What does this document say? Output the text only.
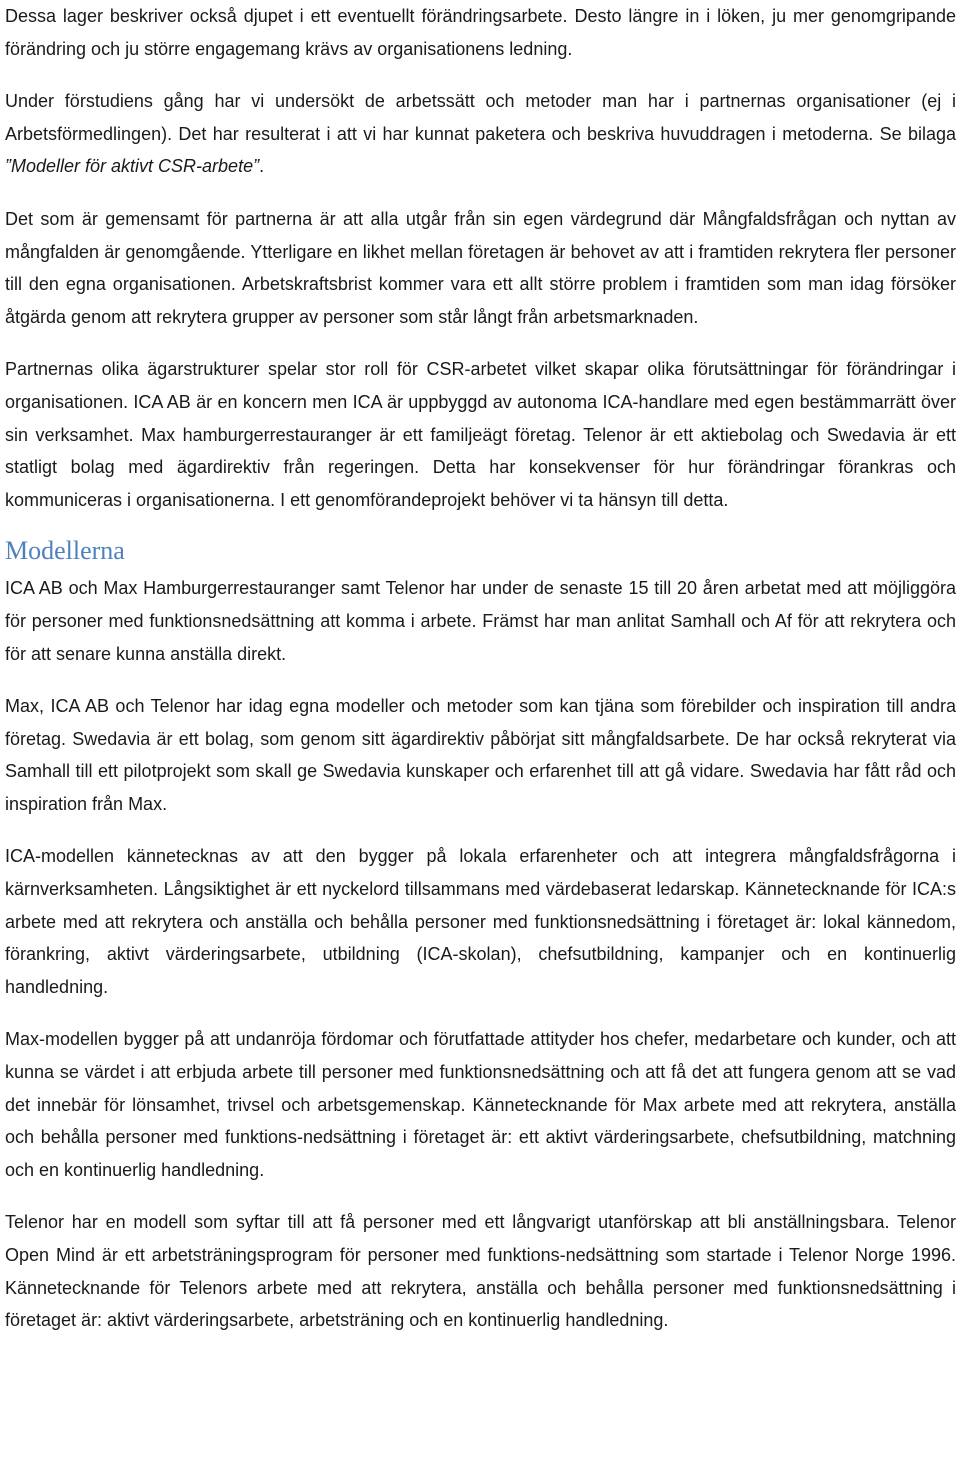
Dessa lager beskriver också djupet i ett eventuellt förändringsarbete. Desto längre in i löken, ju mer genomgripande förändring och ju större engagemang krävs av organisationens ledning.

Under förstudiens gång har vi undersökt de arbetssätt och metoder man har i partnernas organisationer (ej i Arbetsförmedlingen). Det har resulterat i att vi har kunnat paketera och beskriva huvuddragen i metoderna. Se bilaga ”Modeller för aktivt CSR-arbete”.

Det som är gemensamt för partnerna är att alla utgår från sin egen värdegrund där Mångfaldsfrågan och nyttan av mångfalden är genomgående. Ytterligare en likhet mellan företagen är behovet av att i framtiden rekrytera fler personer till den egna organisationen. Arbetskraftsbrist kommer vara ett allt större problem i framtiden som man idag försöker åtgärda genom att rekrytera grupper av personer som står långt från arbetsmarknaden.

Partnernas olika ägarstrukturer spelar stor roll för CSR-arbetet vilket skapar olika förutsättningar för förändringar i organisationen. ICA AB är en koncern men ICA är uppbyggd av autonoma ICA-handlare med egen bestämmarrätt över sin verksamhet. Max hamburgerrestauranger är ett familjeägt företag. Telenor är ett aktiebolag och Swedavia är ett statligt bolag med ägardirektiv från regeringen. Detta har konsekvenser för hur förändringar förankras och kommuniceras i organisationerna. I ett genomförandeprojekt behöver vi ta hänsyn till detta.

Modellerna

ICA AB och Max Hamburgerrestauranger samt Telenor har under de senaste 15 till 20 åren arbetat med att möjliggöra för personer med funktionsnedsättning att komma i arbete. Främst har man anlitat Samhall och Af för att rekrytera och för att senare kunna anställa direkt.

Max, ICA AB och Telenor har idag egna modeller och metoder som kan tjäna som förebilder och inspiration till andra företag. Swedavia är ett bolag, som genom sitt ägardirektiv påbörjat sitt mångfaldsarbete. De har också rekryterat via Samhall till ett pilotprojekt som skall ge Swedavia kunskaper och erfarenhet till att gå vidare. Swedavia har fått råd och inspiration från Max.

ICA-modellen kännetecknas av att den bygger på lokala erfarenheter och att integrera mångfaldsfrågorna i kärnverksamheten. Långsiktighet är ett nyckelord tillsammans med värdebaserat ledarskap. Kännetecknande för ICA:s arbete med att rekrytera och anställa och behålla personer med funktionsnedsättning i företaget är: lokal kännedom, förankring, aktivt värderingsarbete, utbildning (ICA-skolan), chefsutbildning, kampanjer och en kontinuerlig handledning.

Max-modellen bygger på att undanröja fördomar och förutfattade attityder hos chefer, medarbetare och kunder, och att kunna se värdet i att erbjuda arbete till personer med funktionsnedsättning och att få det att fungera genom att se vad det innebär för lönsamhet, trivsel och arbetsgemenskap. Kännetecknande för Max arbete med att rekrytera, anställa och behålla personer med funktions-nedsättning i företaget är: ett aktivt värderingsarbete, chefsutbildning, matchning och en kontinuerlig handledning.

Telenor har en modell som syftar till att få personer med ett långvarigt utanförskap att bli anställningsbara. Telenor Open Mind är ett arbetsträningsprogram för personer med funktions-nedsättning som startade i Telenor Norge 1996. Kännetecknande för Telenors arbete med att rekrytera, anställa och behålla personer med funktionsnedsättning i företaget är: aktivt värderingsarbete, arbetsträning och en kontinuerlig handledning.
